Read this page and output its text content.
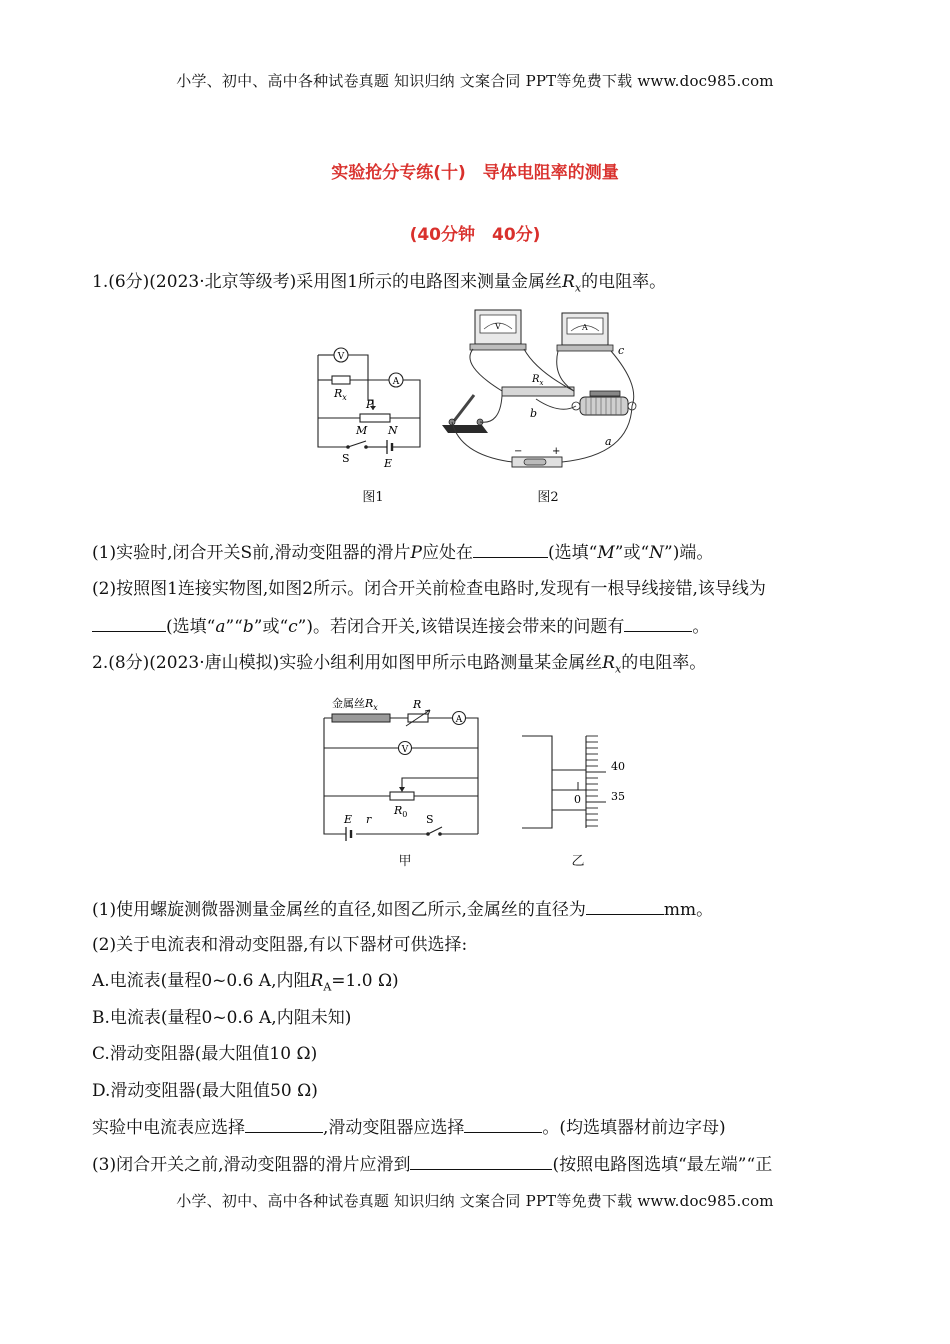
小学、初中、高中各种试卷真题 知识归纳 文案合同 PPT等免费下载 www.doc985.com
实验抢分专练(十)　导体电阻率的测量
(40分钟　40分)
1.(6分)(2023·北京等级考)采用图1所示的电路图来测量金属丝$R_x$的电阻率。
V
A
$R_x$
P
M N
S	E
图1
V	A
$R_x$
−	+
a
b
c
图2
(1)实验时,闭合开关S前,滑动变阻器的滑片P应处在	(选填“M”或“N”)端。
(2)按照图1连接实物图,如图2所示。闭合开关前检查电路时,发现有一根导线接错,该导线为
(选填“a”“b”或“c”)。若闭合开关,该错误连接会带来的问题有	。
2.(8分)(2023·唐山模拟)实验小组利用如图甲所示电路测量某金属丝$R_x$的电阻率。
金属丝$R_x$	R
A
V
$R_0$
E r	S
甲
0
40
35
乙
(1)使用螺旋测微器测量金属丝的直径,如图乙所示,金属丝的直径为	mm。
(2)关于电流表和滑动变阻器,有以下器材可供选择:
A.电流表(量程0~0.6 A,内阻$R_A=1.0$ Ω)
B.电流表(量程0~0.6 A,内阻未知)
C.滑动变阻器(最大阻值10 Ω)
D.滑动变阻器(最大阻值50 Ω)
实验中电流表应选择	,滑动变阻器应选择	。(均选填器材前边字母)
(3)闭合开关之前,滑动变阻器的滑片应滑到	(按照电路图选填“最左端”“正
小学、初中、高中各种试卷真题 知识归纳 文案合同 PPT等免费下载 www.doc985.com
